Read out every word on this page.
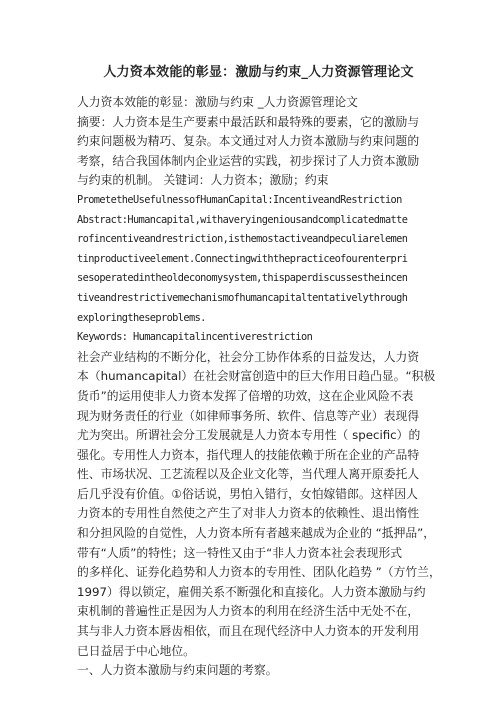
人力资本效能的彰显：激励与约束_人力资源管理论文
人力资本效能的彰显：激励与约束 _人力资源管理论文
摘要：人力资本是生产要素中最活跃和最特殊的要素，它的激励与
约束问题极为精巧、复杂。本文通过对人力资本激励与约束问题的
考察，结合我国体制内企业运营的实践，初步探讨了人力资本激励
与约束的机制。 关键词：人力资本；激励；约束
PrometetheUsefulnessofHumanCapital:IncentiveandRestriction
Abstract:Humancapital,withaveryingeniousandcomplicatedmatte
rofincentiveandrestriction,isthemostactiveandpeculiarelemen
tinproductiveelement.Connectingwiththepracticeofourenterpri
sesoperatedintheoldeconomysystem,thispaperdiscussestheincen
tiveandrestrictivemechanismofhumancapitaltentativelythrough
exploringtheseproblems.
Keywords: Humancapitalincentiverestriction
社会产业结构的不断分化，社会分工协作体系的日益发达，人力资
本（humancapital）在社会财富创造中的巨大作用日趋凸显。“积极
货币”的运用使非人力资本发挥了倍增的功效，这在企业风险不表
现为财务责任的行业（如律师事务所、软件、信息等产业）表现得
尤为突出。所谓社会分工发展就是人力资本专用性（ specific）的
强化。专用性人力资本，指代理人的技能依赖于所在企业的产品特
性、市场状况、工艺流程以及企业文化等，当代理人离开原委托人
后几乎没有价值。①俗话说，男怕入错行，女怕嫁错郎。这样因人
力资本的专用性自然使之产生了对非人力资本的依赖性、退出惰性
和分担风险的自觉性，人力资本所有者越来越成为企业的 “抵押品”，
带有“人质”的特性；这一特性又由于“非人力资本社会表现形式
的多样化、证券化趋势和人力资本的专用性、团队化趋势 ”（方竹兰，
1997）得以锁定，雇佣关系不断强化和直接化。人力资本激励与约
束机制的普遍性正是因为人力资本的利用在经济生活中无处不在，
其与非人力资本唇齿相依，而且在现代经济中人力资本的开发利用
已日益居于中心地位。
一、人力资本激励与约束问题的考察。
